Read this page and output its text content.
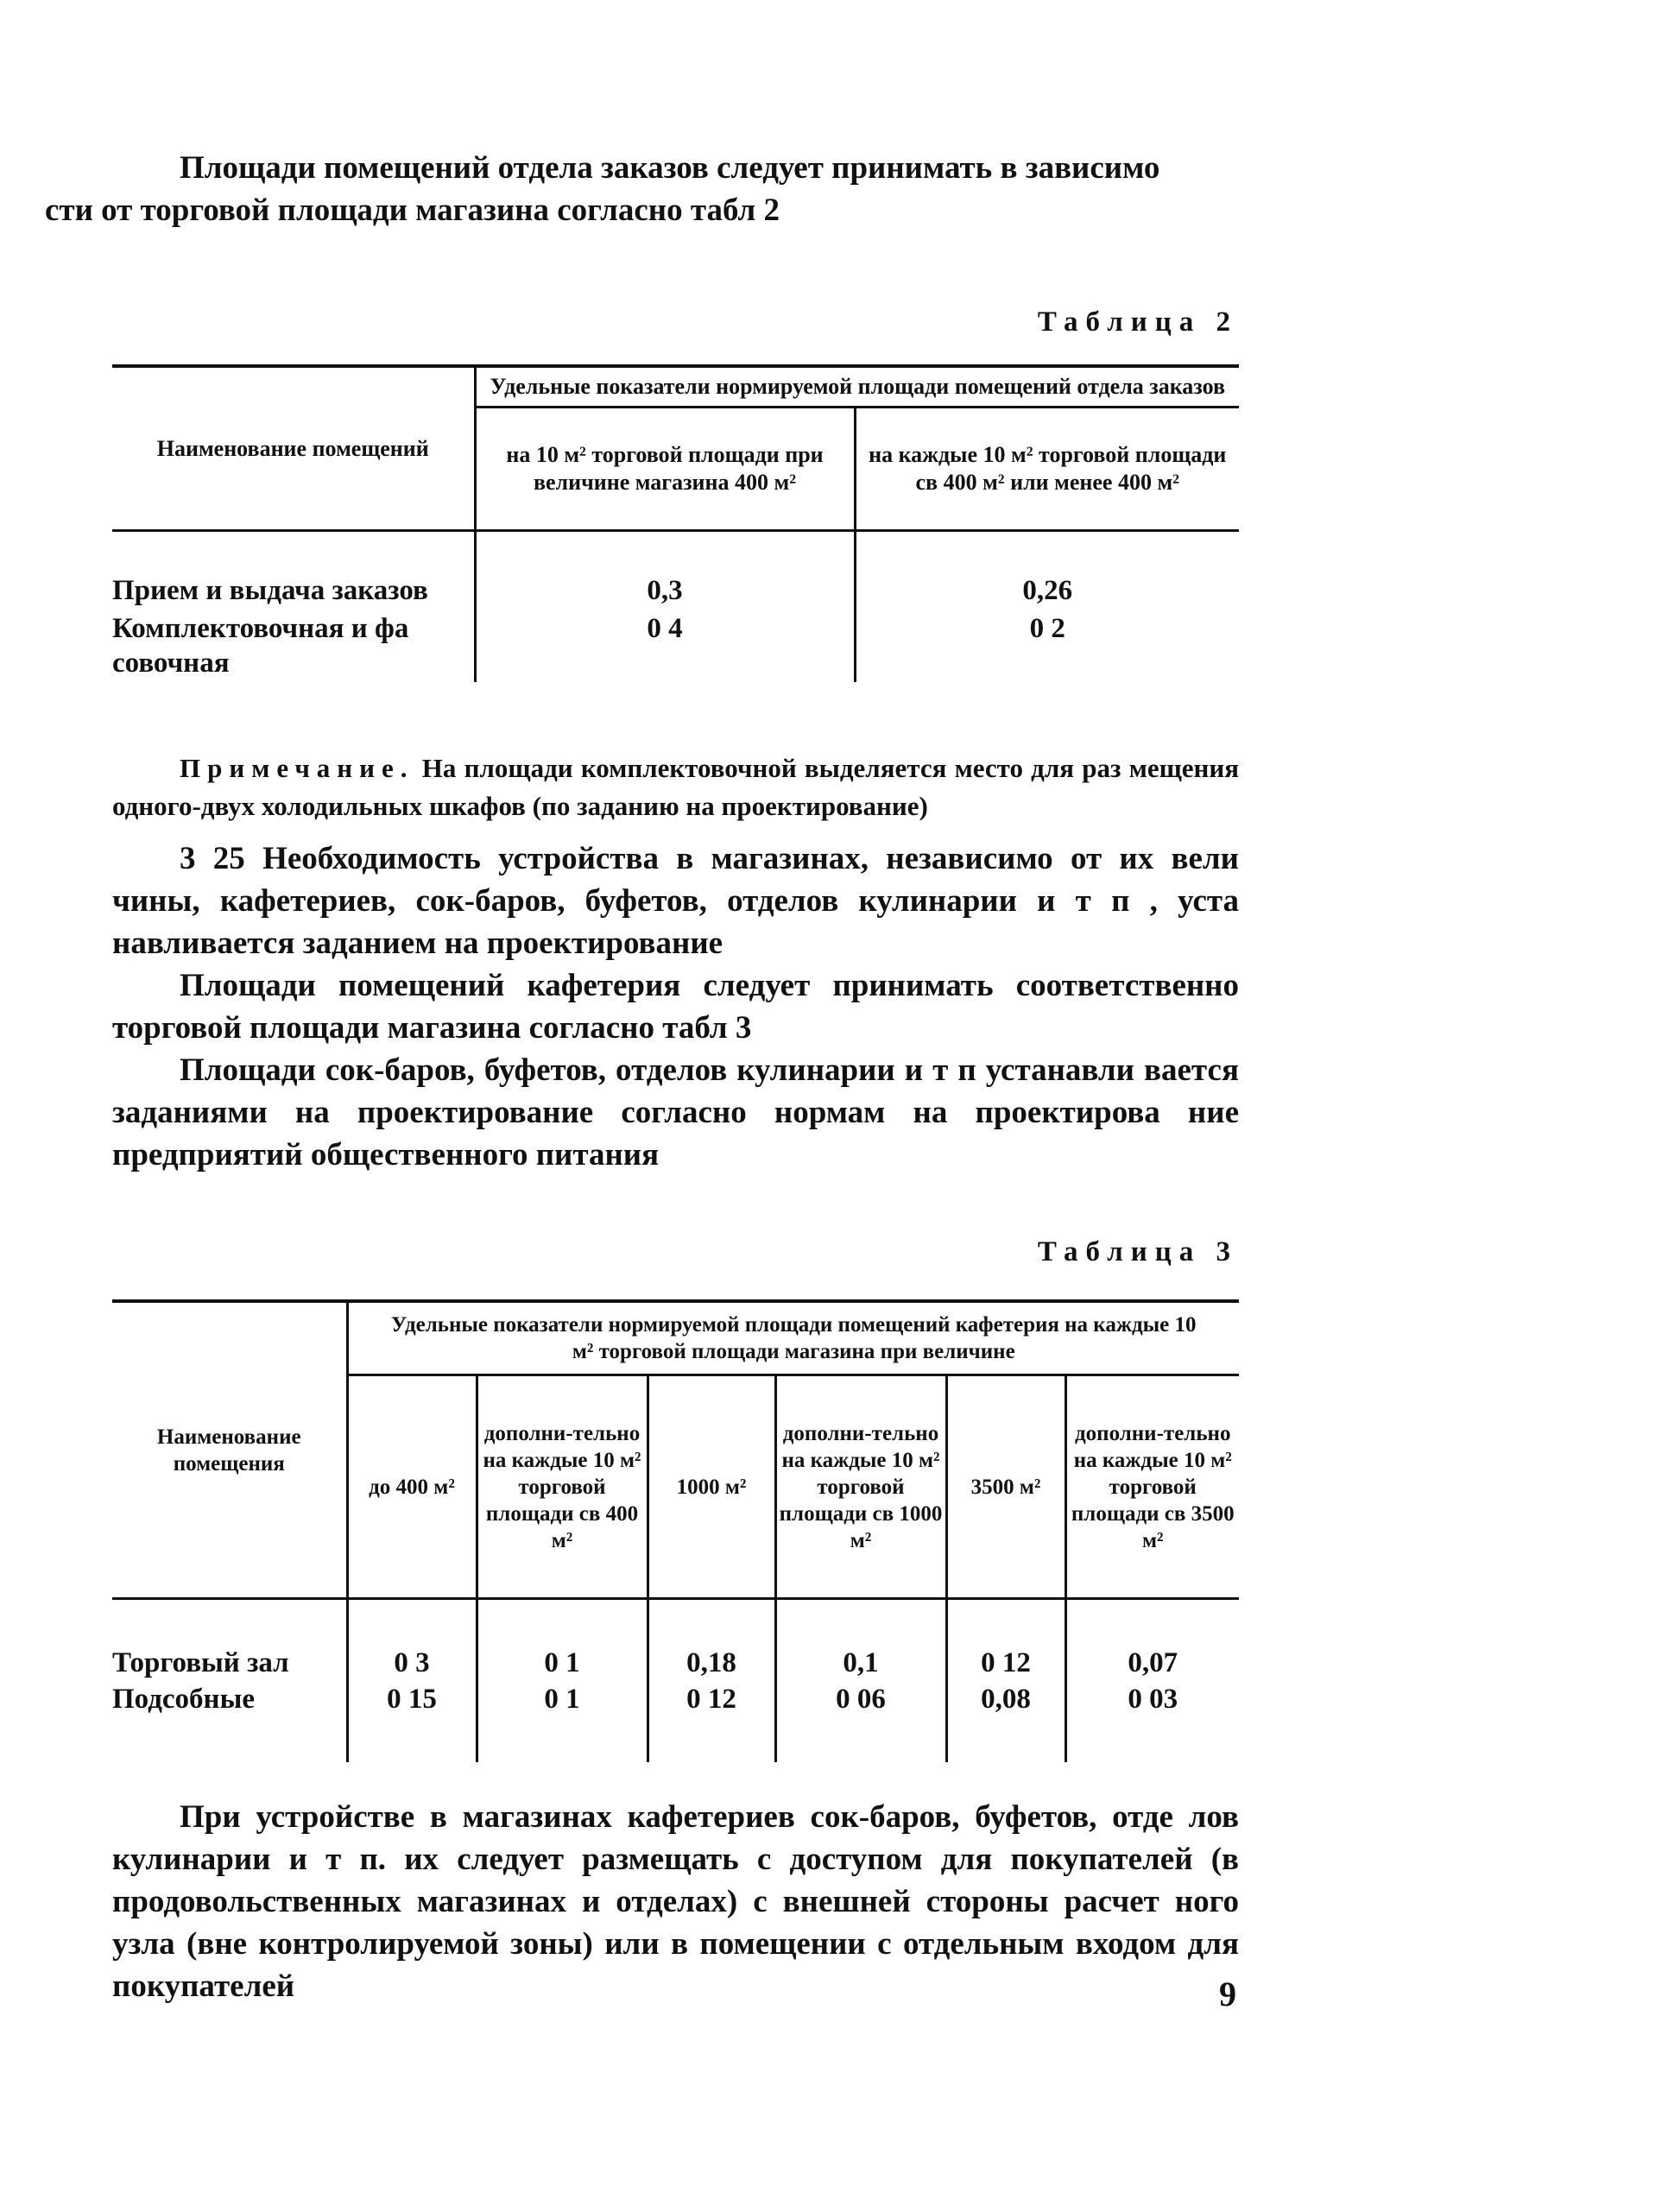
Площади помещений отдела заказов следует принимать в зависимо
сти от торговой площади магазина согласно табл 2

Таблица 2
Наименование помещений	Удельные показатели нормируемой площади помещений отдела заказов	
	на 10 м² торговой площади при величине магазина 400 м²	на каждые 10 м² торговой площади св 400 м² или менее 400 м²

Прием и выдача заказов	0,3	0,26
Комплектовочная и фа совочная	0 4	0 2

Примечание. На площади комплектовочной выделяется место для раз мещения одного-двух холодильных шкафов (по заданию на проектирование)

3 25 Необходимость устройства в магазинах, независимо от их вели чины, кафетериев, сок-баров, буфетов, отделов кулинарии и т п , уста навливается заданием на проектирование

Площади помещений кафетерия следует принимать соответственно торговой площади магазина согласно табл 3

Площади сок-баров, буфетов, отделов кулинарии и т п устанавли вается заданиями на проектирование согласно нормам на проектирова ние предприятий общественного питания

Таблица 3
Наименование помещения	Удельные показатели нормируемой площади помещений кафетерия на каждые 10 м² торговой площади магазина при величине					
	до 400 м²	дополни-тельно на каждые 10 м² торговой площади св 400 м²	1000 м²	дополни-тельно на каждые 10 м² торговой площади св 1000 м²	3500 м²	дополни-тельно на каждые 10 м² торговой площади св 3500 м²

Торговый зал	0 3	0 1	0,18	0,1	0 12	0,07
Подсобные	0 15	0 1	0 12	0 06	0,08	0 03

При устройстве в магазинах кафетериев сок-баров, буфетов, отде лов кулинарии и т п. их следует размещать с доступом для покупателей (в продовольственных магазинах и отделах) с внешней стороны расчет ного узла (вне контролируемой зоны) или в помещении с отдельным входом для покупателей	9
